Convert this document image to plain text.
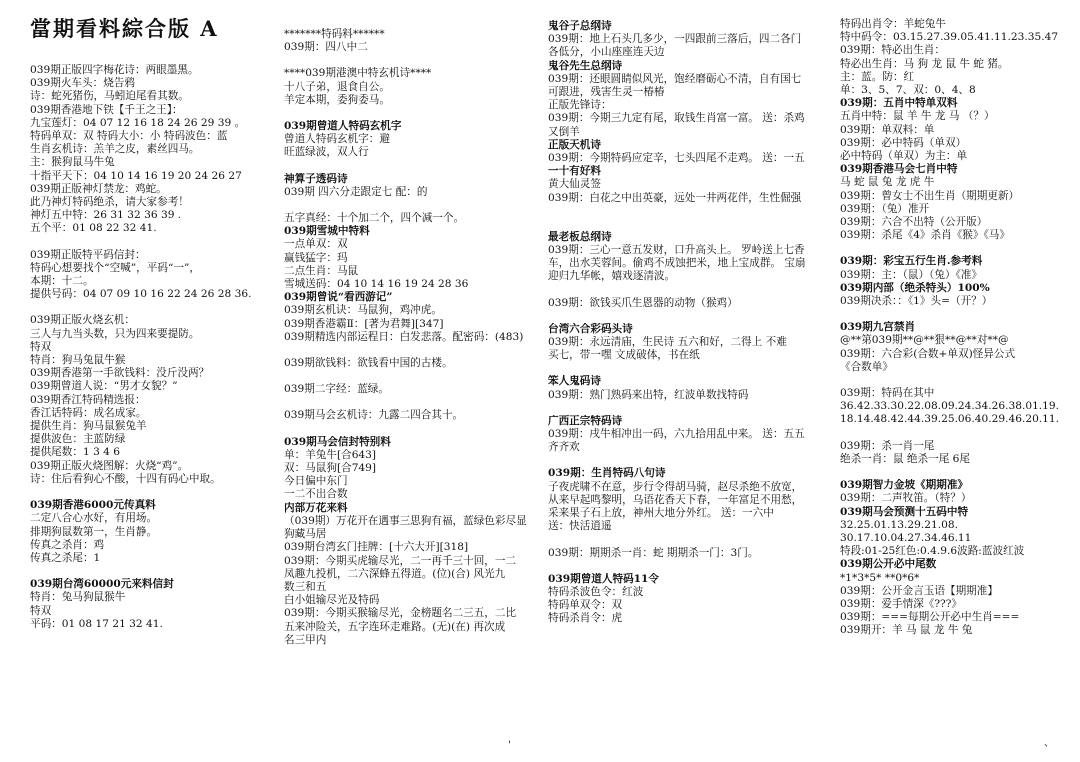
當期看料綜合版 A
039期正版四字梅花诗：两眼墨黑。
039期火车头：烧告鸦
诗：蛇死猪伤，马蚓迫尾看其数。
039期香港地下铁【千王之王】：
九宝莲灯：04 07 12 16 18 24 26 29 39 。
特码单双：双 特码大小：小 特码波色：蓝
生肖玄机诗：羔羊之皮，素丝四马。
主：猴狗鼠马牛兔
十指平天下：04 10 14 16 19 20 24 26 27
039期正版神灯禁龙：鸡蛇。
此乃神灯特码绝杀，请大家参考！
神灯五中特：26 31 32 36 39 .
五个平：01 08 22 32 41.
039期正版特平码信封：
特码心想要找个“空喊”，平码“一”，
本期：十二。
提供号码：04 07 09 10 16 22 24 26 28 36.
039期正版火烧玄机：
三人与九当头数，只为四来要提防。
特双
特肖：狗马兔鼠牛猴
039期香港第一手欲钱料：没斤没两？
039期曾道人说：“男才女貌？”
039期香江特码精选报：
香江话特码：成名成家。
提供生肖：狗马鼠猴兔羊
提供波色：主蓝防绿
提供尾数：1 3 4 6
039期正版火烧图解：火烧“鸡”。
诗：住后看狗心不酸，十四有码心中取。
039期香港6000元传真料
二定八合心水好，有用场。
排期狗鼠数第一，生肖静。
传真之杀肖：鸡
传真之杀尾：1
039期台湾60000元来料信封
特肖：兔马狗鼠猴牛
特双
平码：01 08 17 21 32 41.
*******特码料******
039期：四八中二
****039期港澳中特玄机诗****
十八子弟，退食自公。
羊定本期，委狗委马。
039期曾道人特码玄机字
曾道人特码玄机字：避
旺蓝绿波，双人行
神算子透码诗
039期 四六分走跟定七 配：的
五字真经：十个加二个，四个减一个。
039期雪城中特料
一点单双：双
赢钱猛字：玛
二点生肖：马鼠
雪城送码：04 10 14 16 19 24 28 36
039期曾说“看西游记”
039期玄机诀：马鼠狗，鸡冲虎。
039期香港霸Ⅱ：[著为君舞][347]
039期精选内部运程日：白发悲落。配密码：(483)
039期欲钱料：欲钱看中国的古楼。
039期二字经：蓝绿。
039期马会玄机诗：九露二四合其十。
039期马会信封特别料
单：羊兔牛[合643]
双：马鼠狗[合749]
今日偏中东门
一二不出合数
内部万花来料
（039期）万花开在遇事三思狗有福，蓝绿色彩尽显
狗藏马居
039期台湾玄门挂牌：[十六大开][318]
039期：今期买虎输尽光，二一再千三十回，一二
凤趣九投机，二六深蜂五得道。(位)(合) 风光九
数三和五
白小姐输尽光及特码
039期：今期买猴输尽光，金榜题名二三五，二比
五来冲险关，五字连环走难路。(无)(在) 再次成
名三甲内
鬼谷子总纲诗
039期：地上石头几多少，一四跟前三落后，四二各门
各低分，小山座座连天边
鬼谷先生总纲诗
039期：还眼圆睛似风光，饱经磨砺心不清，自有国七
可跟进，残害生灵一椿椿
正版先锋诗：
039期：今期三九定有尾，取钱生肖富一富。 送：杀鸡
又倒羊
正版天机诗
039期：今期特码应定辛，七头四尾不走鸡。 送：一五
一十有好料
黄大仙灵签
039期：白花之中出英豪，远处一井两花伴，生性倔强
最老板总纲诗
039期：三心一意五发财，口升高头上。 罗岭送上七香
车，出水芙蓉间。偷鸡不成蚀把米，地上宝成群。 宝扇
迎归九华帐，嬉戏逐清波。
039期：欲钱买爪生恩器的动物（猴鸡）
台湾六合彩码头诗
039期：永远清庙，生民诗 五六和好，二得上 不难
买七，带一嘿 文成破体，书在纸
笨人鬼码诗
039期：熟门熟码来出特，红波单数找特码
广西正宗特码诗
039期：戌牛相冲出一码，六九拾用乱中来。 送：五五
齐齐欢
039期：生肖特码八句诗
子夜虎啸不在意，步行令得胡马骑，赵尽杀绝不放宽，
从来早起鸣黎明，乌语花香天下春，一年富足不用愁，
采来果子石上放，神州大地分外红。 送：一六中
送：快活逍遥
039期：期期杀一肖：蛇 期期杀一门：3门。
039期曾道人特码11令
特码杀波色令：红波
特码单双令：双
特码杀肖令：虎
特码出肖令：羊蛇兔牛
特中码令：03.15.27.39.05.41.11.23.35.47
039期：特必出生肖：
特必出生肖：马 狗 龙 鼠 牛 蛇 猪。
主：蓝。防：红
单：3、5、7、双：0、4、8
039期：五肖中特单双料
五肖中特：鼠 羊 牛 龙 马 （？）
039期：单双料：单
039期：必中特码（单双）
必中特码（单双）为主：单
039期香港马会七肖中特
马 蛇 鼠 兔 龙 虎 牛
039期：曾女士不出生肖（期期更新）
039期：（兔）准开
039期：六合不出特（公开版）
039期：杀尾《4》杀肖《猴》《马》
039期：彩宝五行生肖.参考料
039期：主：（鼠）（兔）《准》
039期内部（绝杀特头）100%
039期决杀：：《1》头=（开？）
039期九宫禁肖
@**第039期**@**狠**@**对**@
039期：六合彩(合数+单双)怪异公式
《合数单》
039期：特码在其中
36.42.33.30.22.08.09.24.34.26.38.01.19.
18.14.48.42.44.39.25.06.40.29.46.20.11.
039期：杀一肖一尾
绝杀一肖：鼠 绝杀一尾 6尾
039期智力金坡《期期准》
039期：二声牧笛。（特？）
039期马会预测十五码中特
32.25.01.13.29.21.08.
30.17.10.04.27.34.46.11
特段:01-25红色:0.4.9.6波路:蓝波红波
039期公开必中尾数
*1*3*5* **0*6*
039期：公开金言玉语【期期准】
039期：爱手情深《???》
039期：===每期公开必中生肖===
039期开：羊 马 鼠 龙 牛 兔
'	、
